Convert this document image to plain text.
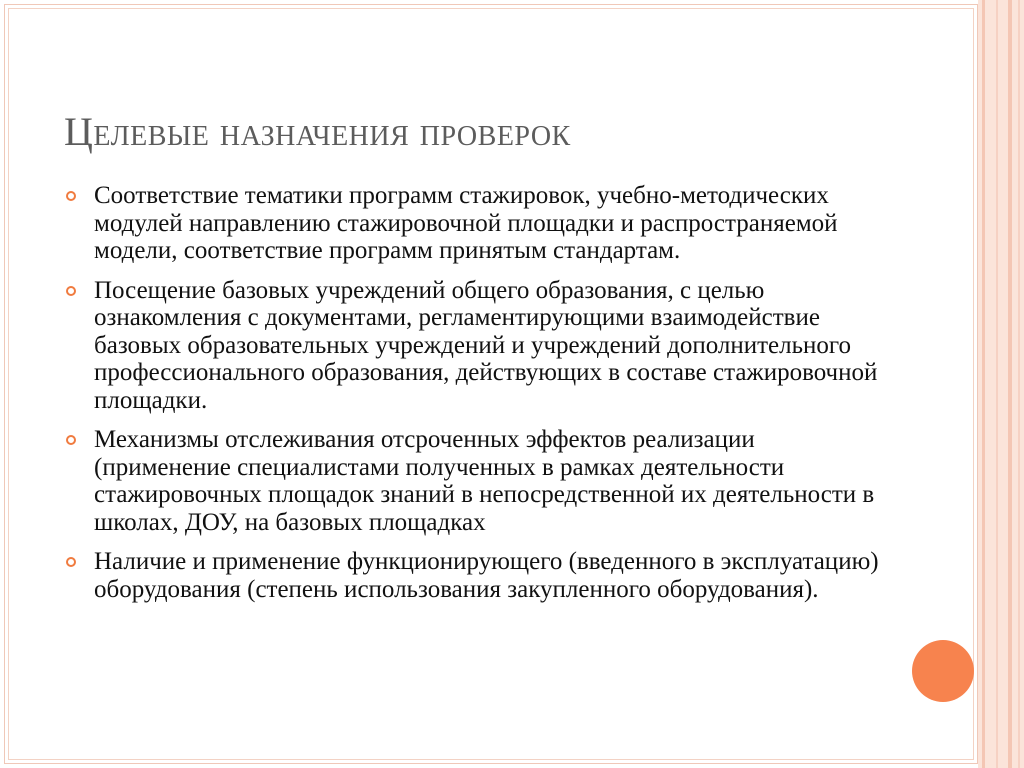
Целевые назначения проверок
Соответствие тематики программ стажировок, учебно-методических модулей направлению стажировочной площадки и распространяемой модели, соответствие программ принятым стандартам.
Посещение базовых учреждений общего образования, с целью ознакомления с документами, регламентирующими взаимодействие базовых образовательных учреждений и учреждений дополнительного профессионального образования, действующих в составе стажировочной площадки.
Механизмы отслеживания отсроченных эффектов реализации (применение специалистами полученных в рамках деятельности стажировочных площадок знаний в непосредственной их деятельности в школах, ДОУ, на базовых площадках
Наличие и применение функционирующего (введенного в эксплуатацию) оборудования (степень использования закупленного оборудования).
